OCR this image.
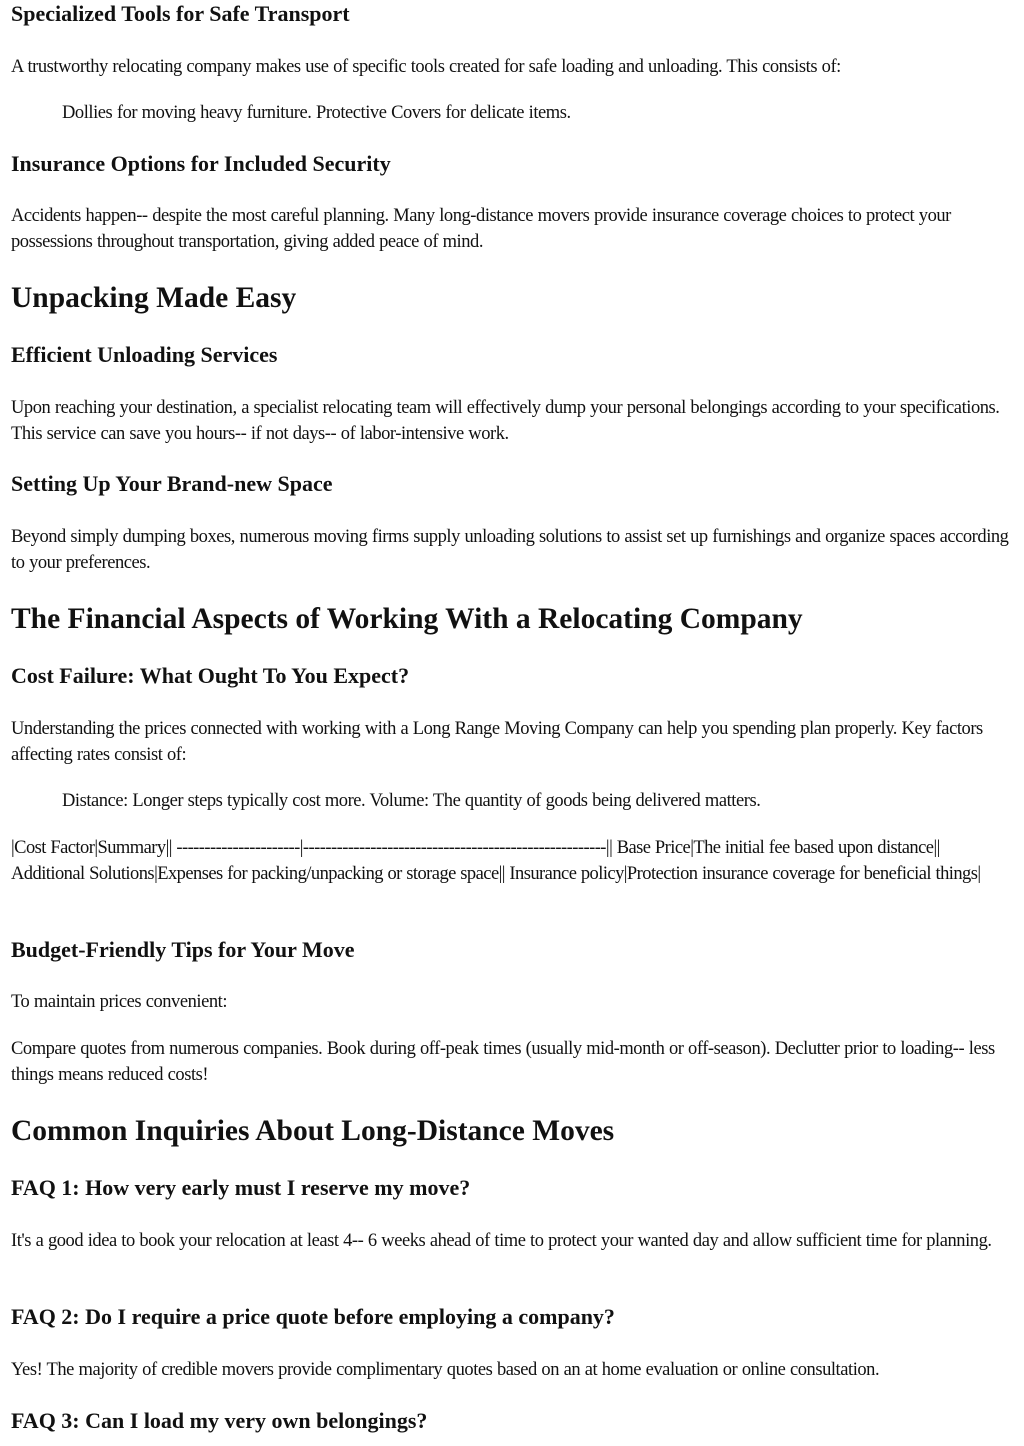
Specialized Tools for Safe Transport

A trustworthy relocating company makes use of specific tools created for safe loading and unloading. This consists of:

Dollies for moving heavy furniture. Protective Covers for delicate items.

Insurance Options for Included Security

Accidents happen-- despite the most careful planning. Many long-distance movers provide insurance coverage choices to protect your possessions throughout transportation, giving added peace of mind.

Unpacking Made Easy
Efficient Unloading Services

Upon reaching your destination, a specialist relocating team will effectively dump your personal belongings according to your specifications. This service can save you hours-- if not days-- of labor-intensive work.

Setting Up Your Brand-new Space

Beyond simply dumping boxes, numerous moving firms supply unloading solutions to assist set up furnishings and organize spaces according to your preferences.

The Financial Aspects of Working With a Relocating Company
Cost Failure: What Ought To You Expect?

Understanding the prices connected with working with a Long Range Moving Company can help you spending plan properly. Key factors affecting rates consist of:

Distance: Longer steps typically cost more. Volume: The quantity of goods being delivered matters.

|Cost Factor|Summary|| ----------------------|------------------------------------------------------|| Base Price|The initial fee based upon distance|| Additional Solutions|Expenses for packing/unpacking or storage space|| Insurance policy|Protection insurance coverage for beneficial things|

Budget-Friendly Tips for Your Move

To maintain prices convenient:

Compare quotes from numerous companies. Book during off-peak times (usually mid-month or off-season). Declutter prior to loading-- less things means reduced costs!

Common Inquiries About Long-Distance Moves
FAQ 1: How very early must I reserve my move?

It's a good idea to book your relocation at least 4-- 6 weeks ahead of time to protect your wanted day and allow sufficient time for planning.

FAQ 2: Do I require a price quote before employing a company?

Yes! The majority of credible movers provide complimentary quotes based on an at home evaluation or online consultation.

FAQ 3: Can I load my very own belongings?
